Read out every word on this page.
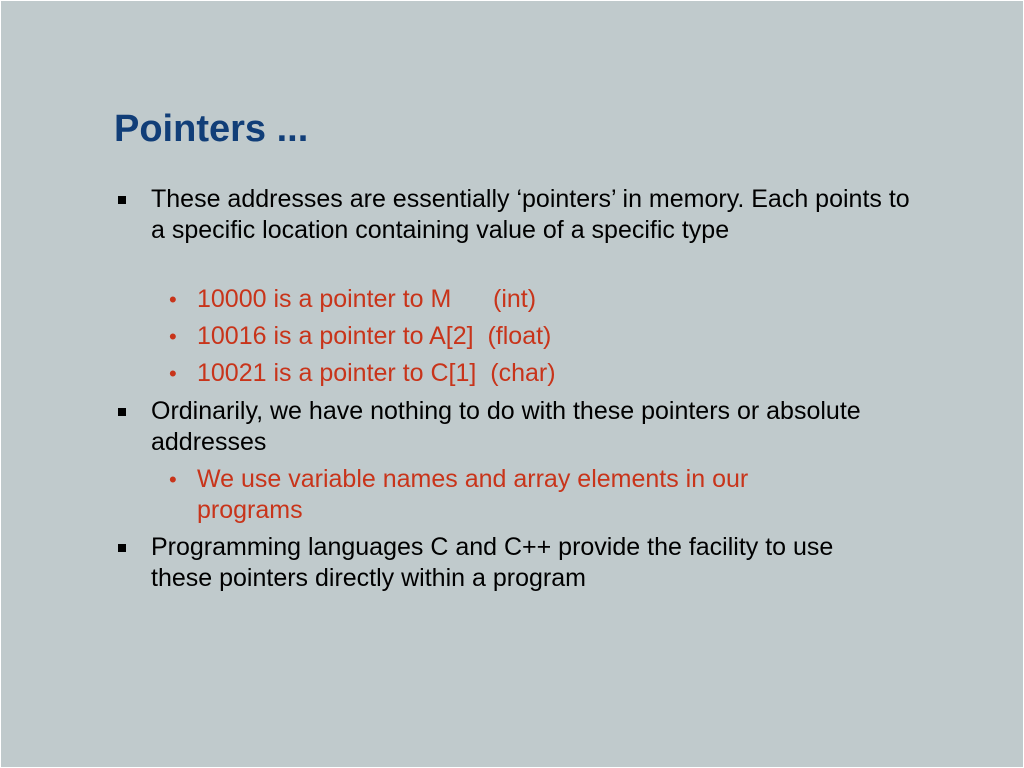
Pointers ...
These addresses are essentially ‘pointers’ in memory. Each points to a specific location containing value of a specific type
• 10000 is a pointer to M      (int)
• 10016 is a pointer to A[2]  (float)
• 10021 is a pointer to C[1]  (char)
Ordinarily, we have nothing to do with these pointers or absolute addresses
• We use variable names and array elements in our programs
Programming languages C and C++ provide the facility to use these pointers directly within a program
